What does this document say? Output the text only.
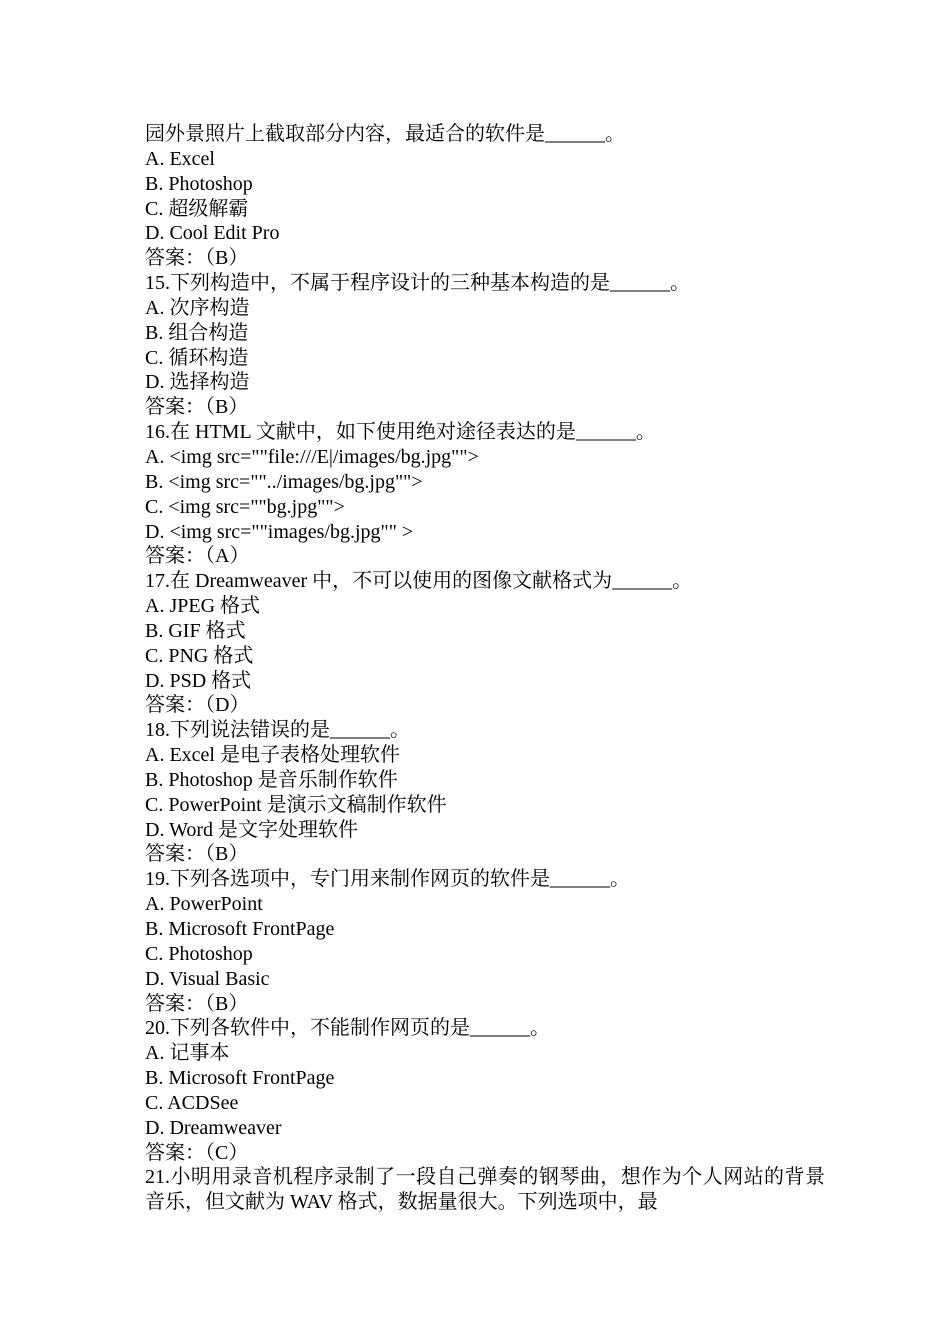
园外景照片上截取部分内容，最适合的软件是______。
A. Excel
B. Photoshop
C. 超级解霸
D. Cool Edit Pro
答案：（B）
15.下列构造中，不属于程序设计的三种基本构造的是______。
A. 次序构造
B. 组合构造
C. 循环构造
D. 选择构造
答案：（B）
16.在 HTML 文献中，如下使用绝对途径表达的是______。
A. <img src=""file:///E|/images/bg.jpg"">
B. <img src=""../images/bg.jpg"">
C. <img src=""bg.jpg"">
D. <img src=""images/bg.jpg"" >
答案：（A）
17.在 Dreamweaver 中，不可以使用的图像文献格式为______。
A. JPEG 格式
B. GIF 格式
C. PNG 格式
D. PSD 格式
答案：（D）
18.下列说法错误的是______。
A. Excel 是电子表格处理软件
B. Photoshop 是音乐制作软件
C. PowerPoint 是演示文稿制作软件
D. Word 是文字处理软件
答案：（B）
19.下列各选项中，专门用来制作网页的软件是______。
A. PowerPoint
B. Microsoft FrontPage
C. Photoshop
D. Visual Basic
答案：（B）
20.下列各软件中，不能制作网页的是______。
A. 记事本
B. Microsoft FrontPage
C. ACDSee
D. Dreamweaver
答案：（C）
21.小明用录音机程序录制了一段自己弹奏的钢琴曲，想作为个人网站的背景音乐，但文献为 WAV 格式，数据量很大。下列选项中，最
